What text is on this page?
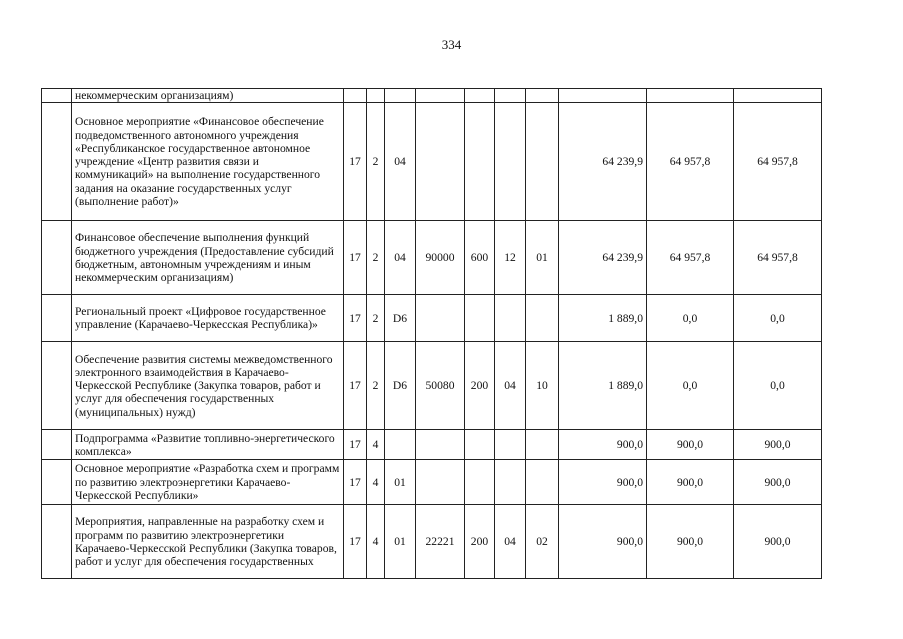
334
	некоммерческим организациям)										
	Основное мероприятие «Финансовое обеспечение подведомственного автономного учреждения «Республиканское государственное автономное учреждение «Центр развития связи и коммуникаций» на выполнение государственного задания на оказание государственных услуг (выполнение работ)»	17	2	04					64 239,9	64 957,8	64 957,8
	Финансовое обеспечение выполнения функций бюджетного учреждения (Предоставление субсидий бюджетным, автономным учреждениям и иным некоммерческим организациям)	17	2	04	90000	600	12	01	64 239,9	64 957,8	64 957,8
	Региональный проект «Цифровое государственное управление (Карачаево-Черкесская Республика)»	17	2	D6					1 889,0	0,0	0,0
	Обеспечение развития системы межведомственного электронного взаимодействия в Карачаево-Черкесской Республике (Закупка товаров, работ и услуг для обеспечения государственных (муниципальных) нужд)	17	2	D6	50080	200	04	10	1 889,0	0,0	0,0
	Подпрограмма «Развитие топливно-энергетического комплекса»	17	4						900,0	900,0	900,0
	Основное мероприятие «Разработка схем и программ по развитию электроэнергетики Карачаево-Черкесской Республики»	17	4	01					900,0	900,0	900,0
	Мероприятия, направленные на разработку схем и программ по развитию электроэнергетики Карачаево-Черкесской Республики (Закупка товаров, работ и услуг для обеспечения государственных	17	4	01	22221	200	04	02	900,0	900,0	900,0
